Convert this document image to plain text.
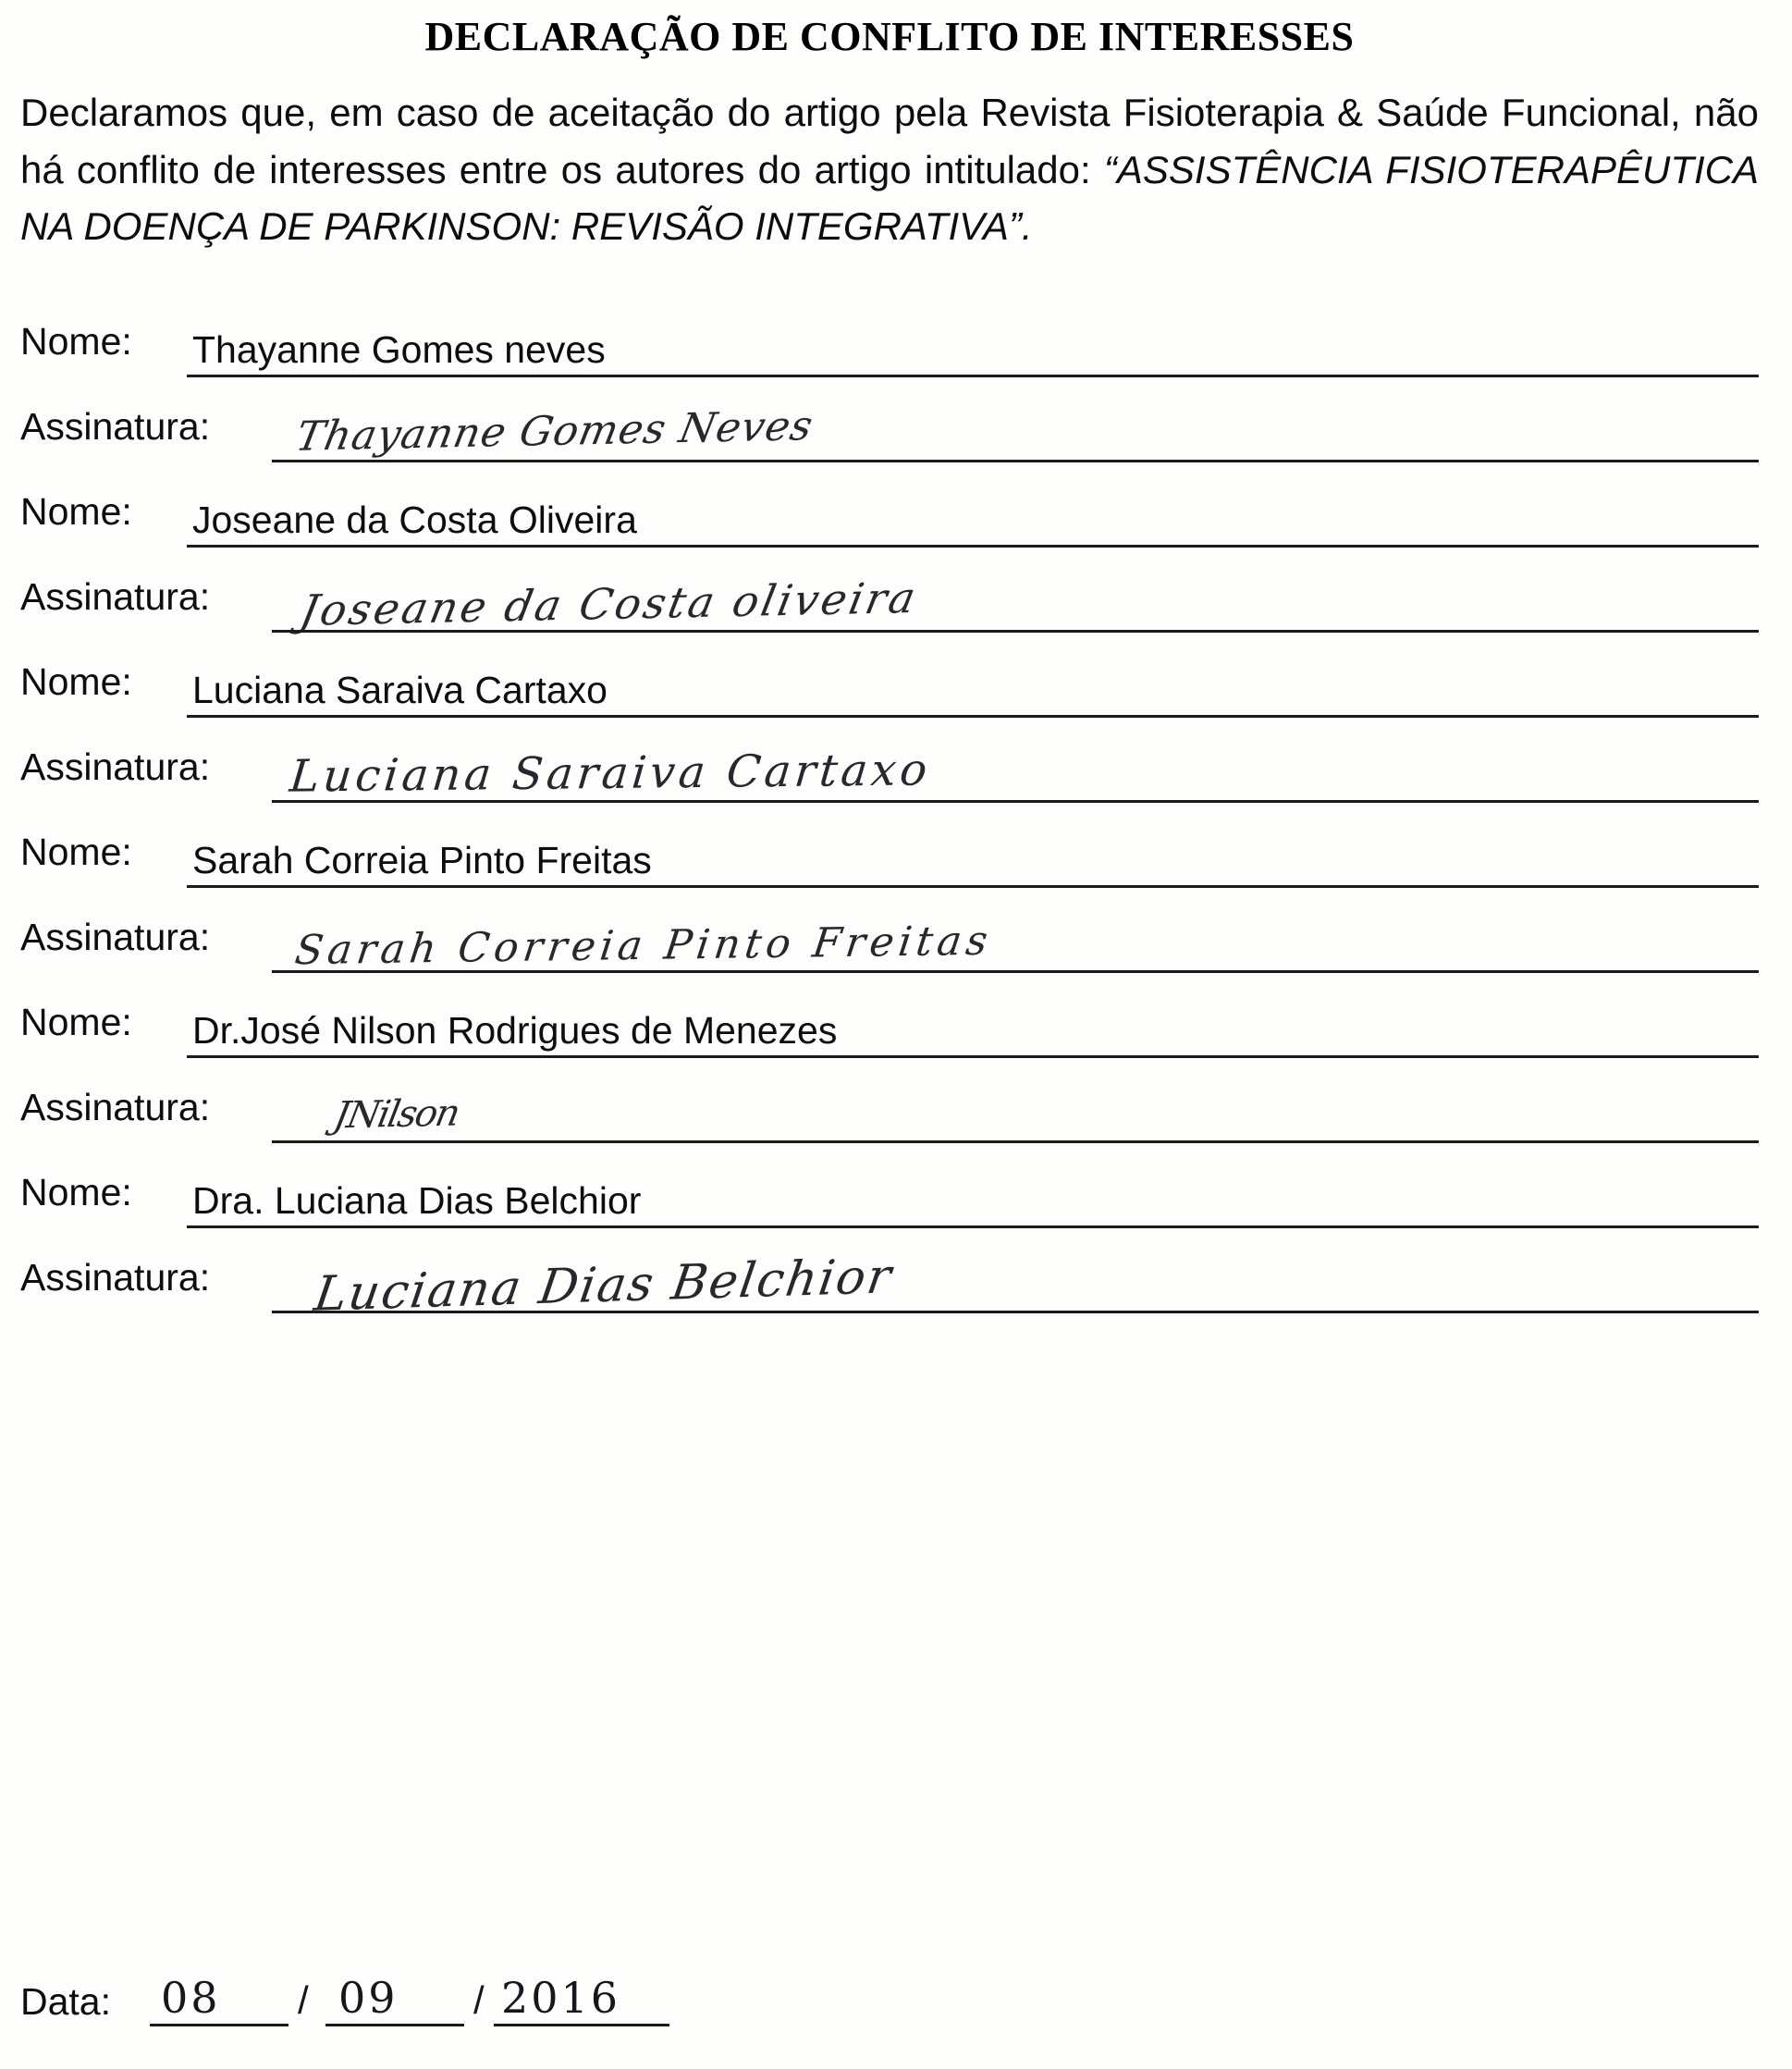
DECLARAÇÃO DE CONFLITO DE INTERESSES

Declaramos que, em caso de aceitação do artigo pela Revista Fisioterapia & Saúde Funcional, não há conflito de interesses entre os autores do artigo intitulado: “ASSISTÊNCIA FISIOTERAPÊUTICA NA DOENÇA DE PARKINSON: REVISÃO INTEGRATIVA”.

Nome: Thayanne Gomes neves
Assinatura: Thayanne Gomes Neves
Nome: Joseane da Costa Oliveira
Assinatura: Joseane da Costa oliveira
Nome: Luciana Saraiva Cartaxo
Assinatura: Luciana Saraiva Cartaxo
Nome: Sarah Correia Pinto Freitas
Assinatura: Sarah Correia Pinto Freitas
Nome: Dr.José Nilson Rodrigues de Menezes
Assinatura:	JNilson
Nome: Dra. Luciana Dias Belchior
Assinatura: Luciana Dias Belchior
Data: 08 / 09 / 2016
